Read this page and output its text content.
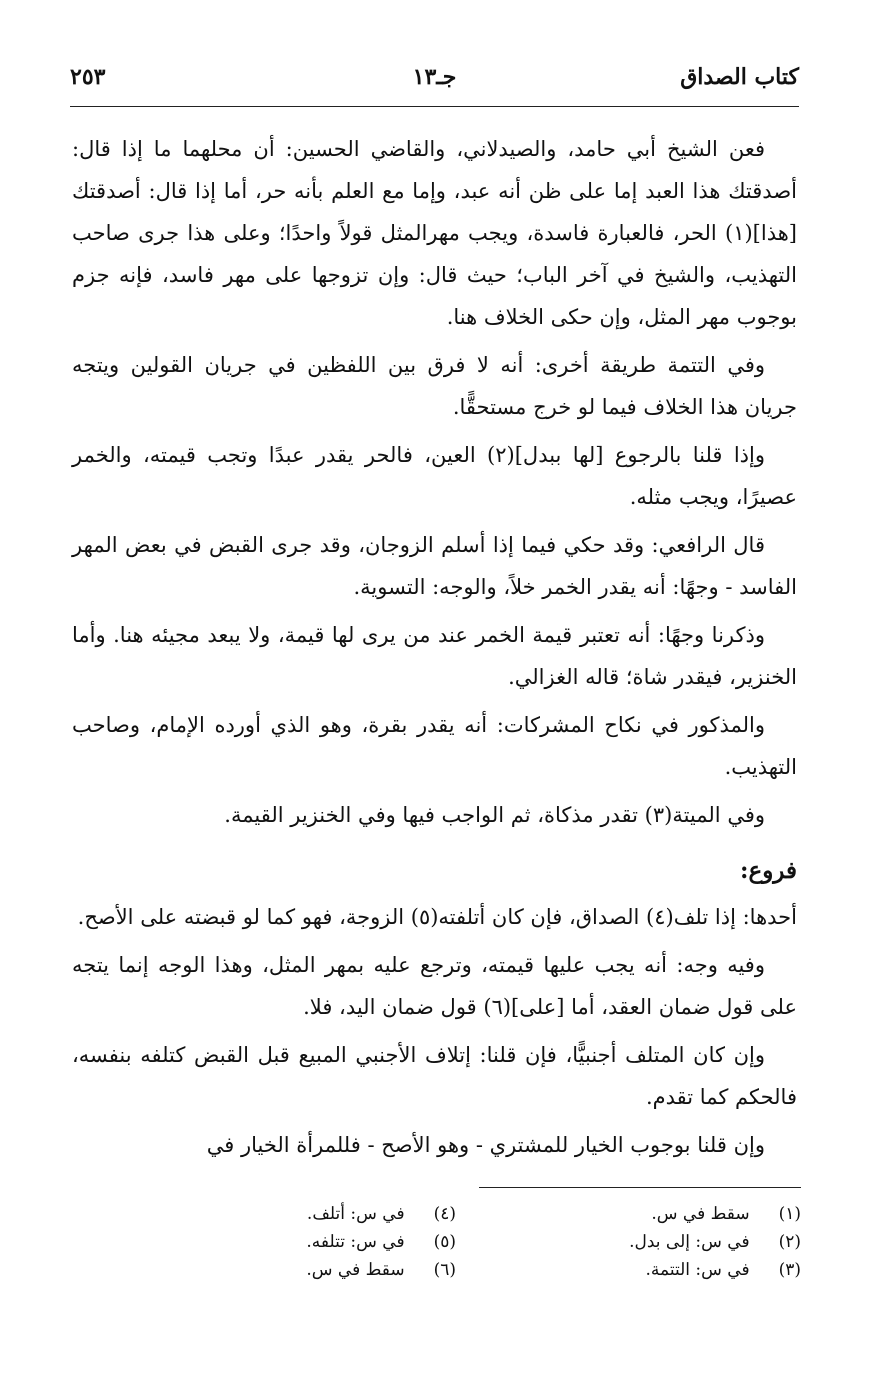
كتاب الصداق
جـ١٣
٢٥٣

فعن الشيخ أبي حامد، والصيدلاني، والقاضي الحسين: أن محلهما ما إذا قال: أصدقتك هذا العبد إما على ظن أنه عبد، وإما مع العلم بأنه حر، أما إذا قال: أصدقتك [هذا](١) الحر، فالعبارة فاسدة، ويجب مهرالمثل قولاً واحدًا؛ وعلى هذا جرى صاحب التهذيب، والشيخ في آخر الباب؛ حيث قال: وإن تزوجها على مهر فاسد، فإنه جزم بوجوب مهر المثل، وإن حكى الخلاف هنا.

وفي التتمة طريقة أخرى: أنه لا فرق بين اللفظين في جريان القولين ويتجه جريان هذا الخلاف فيما لو خرج مستحقًّا.

وإذا قلنا بالرجوع [لها ببدل](٢) العين، فالحر يقدر عبدًا وتجب قيمته، والخمر عصيرًا، ويجب مثله.

قال الرافعي: وقد حكي فيما إذا أسلم الزوجان، وقد جرى القبض في بعض المهر الفاسد - وجهًا: أنه يقدر الخمر خلاً، والوجه: التسوية.

وذكرنا وجهًا: أنه تعتبر قيمة الخمر عند من يرى لها قيمة، ولا يبعد مجيئه هنا. وأما الخنزير، فيقدر شاة؛ قاله الغزالي.

والمذكور في نكاح المشركات: أنه يقدر بقرة، وهو الذي أورده الإمام، وصاحب التهذيب.

وفي الميتة(٣) تقدر مذكاة، ثم الواجب فيها وفي الخنزير القيمة.

فروع:

أحدها: إذا تلف(٤) الصداق، فإن كان أتلفته(٥) الزوجة، فهو كما لو قبضته على الأصح.

وفيه وجه: أنه يجب عليها قيمته، وترجع عليه بمهر المثل، وهذا الوجه إنما يتجه على قول ضمان العقد، أما [على](٦) قول ضمان اليد، فلا.

وإن كان المتلف أجنبيًّا، فإن قلنا: إتلاف الأجنبي المبيع قبل القبض كتلفه بنفسه، فالحكم كما تقدم.

وإن قلنا بوجوب الخيار للمشتري - وهو الأصح - فللمرأة الخيار في

(١) سقط في س.
(٢) في س: إلى بدل.
(٣) في س: التتمة.
(٤) في س: أتلف.
(٥) في س: تتلفه.
(٦) سقط في س.
